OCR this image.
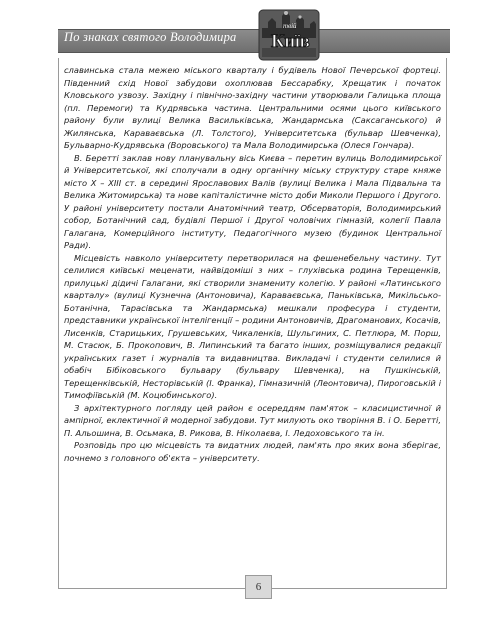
По знаках святого Володимира
твій
Київ

славинська стала межею міського кварталу і будівель Нової Печерської фортеці. Південний схід Нової забудови охоплював Бессарабку, Хрещатик і початок Кловського узвозу. Західну і північно-західну частини утворювали Галицька площа (пл. Перемоги) та Кудрявська частина. Центральними осями цього київського району були вулиці Велика Васильківська, Жандармська (Саксаганського) й Жилянська, Караваєвська (Л. Толстого), Університетська (бульвар Шевченка), Бульварно-Кудрявська (Воровського) та Мала Володимирська (Олеся Гончара).

В. Беретті заклав нову планувальну вісь Києва – перетин вулиць Володимирської й Університетської, які сполучали в одну органічну міську структуру старе княже місто X – XIII ст. в середині Ярославових Валів (вулиці Велика і Мала Підвальна та Велика Житомирська) та нове капіталістичне місто доби Миколи Першого і Другого. У районі університету постали Анатомічний театр, Обсерваторія, Володимирський собор, Ботанічний сад, будівлі Першої і Другої чоловічих гімназій, колегії Павла Галагана, Комерційного інституту, Педагогічного музею (будинок Центральної Ради).

Місцевість навколо університету перетворилася на фешенебельну частину. Тут селилися київські меценати, найвідоміші з них – глухівська родина Терещенків, прилуцькі дідичі Галагани, які створили знамениту колегію. У районі «Латинського кварталу» (вулиці Кузнечна (Антоновича), Караваєвська, Паньківська, Микільсько-Ботанічна, Тарасівська та Жандармська) мешкали професура і студенти, представники української інтелігенції – родини Антоновичів, Драгоманових, Косачів, Лисенків, Старицьких, Грушевських, Чикаленків, Шульгиних, С. Петлюра, М. Порш, М. Стасюк, Б. Прокопович, В. Липинський та багато інших, розміщувалися редакції українських газет і журналів та видавництва. Викладачі і студенти селилися й обабіч Бібіковського бульвару (бульвару Шевченка), на Пушкінській, Терещенківській, Несторівській (І. Франка), Гімназичній (Леонтовича), Пироговській і Тимофіївській (М. Коцюбинського).

З архітектурного погляду цей район є осереддям пам'яток – класицистичної й ампірної, еклектичної й модерної забудови. Тут милують око творіння В. і О. Беретті, П. Альошина, В. Осьмака, В. Рикова, В. Ніколаєва, І. Ледоховського та ін.

Розповідь про цю місцевість та видатних людей, пам'ять про яких вона зберігає, почнемо з головного об'єкта – університету.

6
